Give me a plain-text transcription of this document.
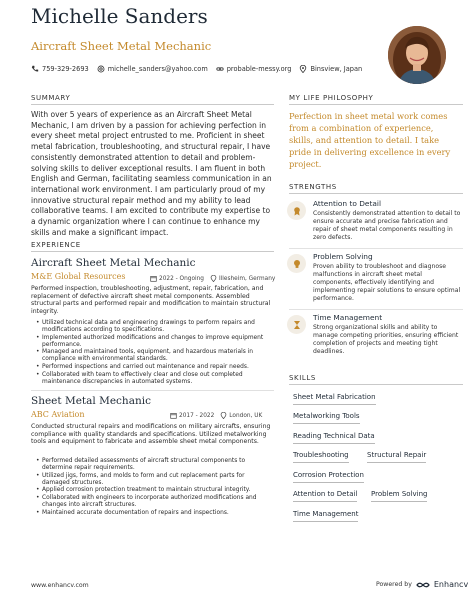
Michelle Sanders
Aircraft Sheet Metal Mechanic
759-329-2693	michelle_sanders@yahoo.com	probable-messy.org	Binsview, Japan
SUMMARY
With over 5 years of experience as an Aircraft Sheet Metal Mechanic, I am driven by a passion for achieving perfection in every sheet metal project entrusted to me. Proficient in sheet metal fabrication, troubleshooting, and structural repair, I have consistently demonstrated attention to detail and problem-solving skills to deliver exceptional results. I am fluent in both English and German, facilitating seamless communication in an international work environment. I am particularly proud of my innovative structural repair method and my ability to lead collaborative teams. I am excited to contribute my expertise to a dynamic organization where I can continue to enhance my skills and make a significant impact.
EXPERIENCE
Aircraft Sheet Metal Mechanic
M&E Global Resources	2022 - Ongoing	Illesheim, Germany
Performed inspection, troubleshooting, adjustment, repair, fabrication, and replacement of defective aircraft sheet metal components. Assembled structural parts and performed repair and modification to maintain structural integrity.
• Utilized technical data and engineering drawings to perform repairs and modifications according to specifications.
• Implemented authorized modifications and changes to improve equipment performance.
• Managed and maintained tools, equipment, and hazardous materials in compliance with environmental standards.
• Performed inspections and carried out maintenance and repair needs.
• Collaborated with team to effectively clear and close out completed maintenance discrepancies in automated systems.
Sheet Metal Mechanic
ABC Aviation	2017 - 2022	London, UK
Conducted structural repairs and modifications on military aircrafts, ensuring compliance with quality standards and specifications. Utilized metalworking tools and equipment to fabricate and assemble sheet metal components.
• Performed detailed assessments of aircraft structural components to determine repair requirements.
• Utilized jigs, forms, and molds to form and cut replacement parts for damaged structures.
• Applied corrosion protection treatment to maintain structural integrity.
• Collaborated with engineers to incorporate authorized modifications and changes into aircraft structures.
• Maintained accurate documentation of repairs and inspections.
MY LIFE PHILOSOPHY
Perfection in sheet metal work comes from a combination of experience, skills, and attention to detail. I take pride in delivering excellence in every project.
STRENGTHS
Attention to Detail
Consistently demonstrated attention to detail to ensure accurate and precise fabrication and repair of sheet metal components resulting in zero defects.
Problem Solving
Proven ability to troubleshoot and diagnose malfunctions in aircraft sheet metal components, effectively identifying and implementing repair solutions to ensure optimal performance.
Time Management
Strong organizational skills and ability to manage competing priorities, ensuring efficient completion of projects and meeting tight deadlines.
SKILLS
Sheet Metal Fabrication
Metalworking Tools
Reading Technical Data
Troubleshooting	Structural Repair
Corrosion Protection
Attention to Detail Problem Solving
Time Management
www.enhancv.com	Powered by	Enhancv
